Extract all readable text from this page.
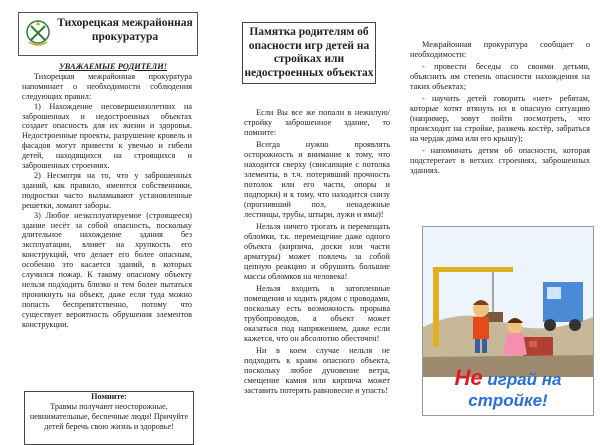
Тихорецкая межрайонная прокуратура

УВАЖАЕМЫЕ РОДИТЕЛИ!

Тихорецкая межрайонная прокуратура напоминает о необходимости соблюдения следующих правил:

1) Нахождение несовершеннолетних на заброшенных и недостроенных объектах создает опасность для их жизни и здоровья. Недостроенные проекты, разрушение кровель и фасадов могут привести к увечью и гибели детей, находящихся на строящихся и заброшенных строениях.

2) Несмотря на то, что у заброшенных зданий, как правило, имеются собственники, подростки часто выламывают установленные решетки, ломают заборы.

3) Любое неэксплуатируемое (строящееся) здание несёт за собой опасность, поскольку длительное нахождение здания без эксплуатации, влияет на хрупкость его конструкций, что делает его более опасным, особенно это касается зданий, в которых случился пожар. К такому опасному объекту нельзя подходить близко и тем более пытаться проникнуть на объект, даже если туда можно попасть беспрепятственно, потому что существует вероятность обрушения элементов конструкции.

Помните:
Травмы получают неосторожные, невнимательные, беспечные люди! Причуйте детей беречь свою жизнь и здоровье!
Памятка родителям об опасности игр детей на стройках или недостроенных объектах

Если Вы все же попали в нежилую/стройку заброшенное здание, то помните:

Всегда нужно проявлять осторожность и внимание к тому, что находится сверху (свисающие с потолка элементы, в т.ч. потерявший прочность потолок или его части, опоры и подпорки) и к тому, что находится снизу (прогнивший пол, ненадежные лестницы, трубы, штыри, лужи и ямы)!

Нельзя ничего трогать и перемещать обломки, т.к. перемещение даже одного объекта (кирпича, доски или части арматуры) может повлечь за собой цепную реакцию и обрушить большие массы обломков на человека!

Нельзя входить в затопленные помещения и ходить рядом с проводами, поскольку есть возможность прорыва трубопроводов, а объект может оказаться под напряжением, даже если кажется, что он абсолютно обесточен!

Ни в коем случае нельзя не подходить к краям опасного объекта, поскольку любое дуновение ветра, смещение камня или кирпича может заставить потерять равновесие и упасть!

Межрайонная прокуратура сообщает о необходимости:

- провести беседы со своими детьми, объяснить им степень опасности нахождения на таких объектах;

- научить детей говорить «нет» ребятам, которые хотят втянуть их в опасную ситуацию (например, зовут пойти посмотреть, что происходит на стройке, разжечь костёр, забраться на чердак дома или его крышу);

- напоминать детям об опасности, которая подстерегает в ветхих строениях, заброшенных зданиях.

Не играй на стройке!
